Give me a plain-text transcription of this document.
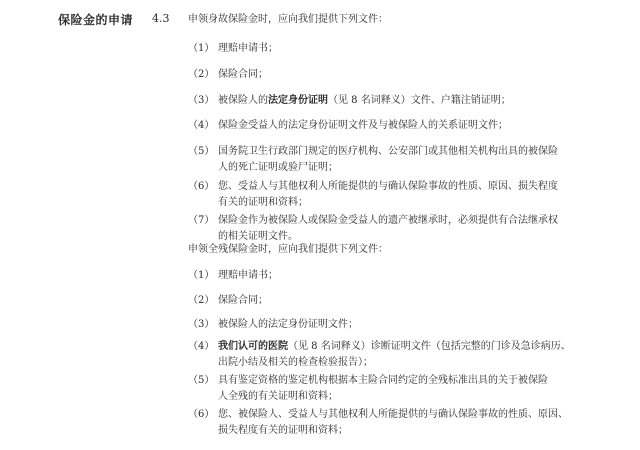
保险金的申请 4.3 申领身故保险金时，应向我们提供下列文件：
（1） 理赔申请书；
（2） 保险合同；
（3） 被保险人的法定身份证明（见 8 名词释义）文件、户籍注销证明；
（4） 保险金受益人的法定身份证明文件及与被保险人的关系证明文件；
（5） 国务院卫生行政部门规定的医疗机构、公安部门或其他相关机构出具的被保险
人的死亡证明或验尸证明；
（6） 您、受益人与其他权利人所能提供的与确认保险事故的性质、原因、损失程度
有关的证明和资料；
（7） 保险金作为被保险人或保险金受益人的遗产被继承时，必须提供有合法继承权
的相关证明文件。
申领全残保险金时，应向我们提供下列文件：
（1） 理赔申请书；
（2） 保险合同；
（3） 被保险人的法定身份证明文件；
（4） 我们认可的医院（见 8 名词释义）诊断证明文件（包括完整的门诊及急诊病历、
出院小结及相关的检查检验报告）；
（5） 具有鉴定资格的鉴定机构根据本主险合同约定的全残标准出具的关于被保险
人全残的有关证明和资料；
（6） 您、被保险人、受益人与其他权利人所能提供的与确认保险事故的性质、原因、
损失程度有关的证明和资料；
